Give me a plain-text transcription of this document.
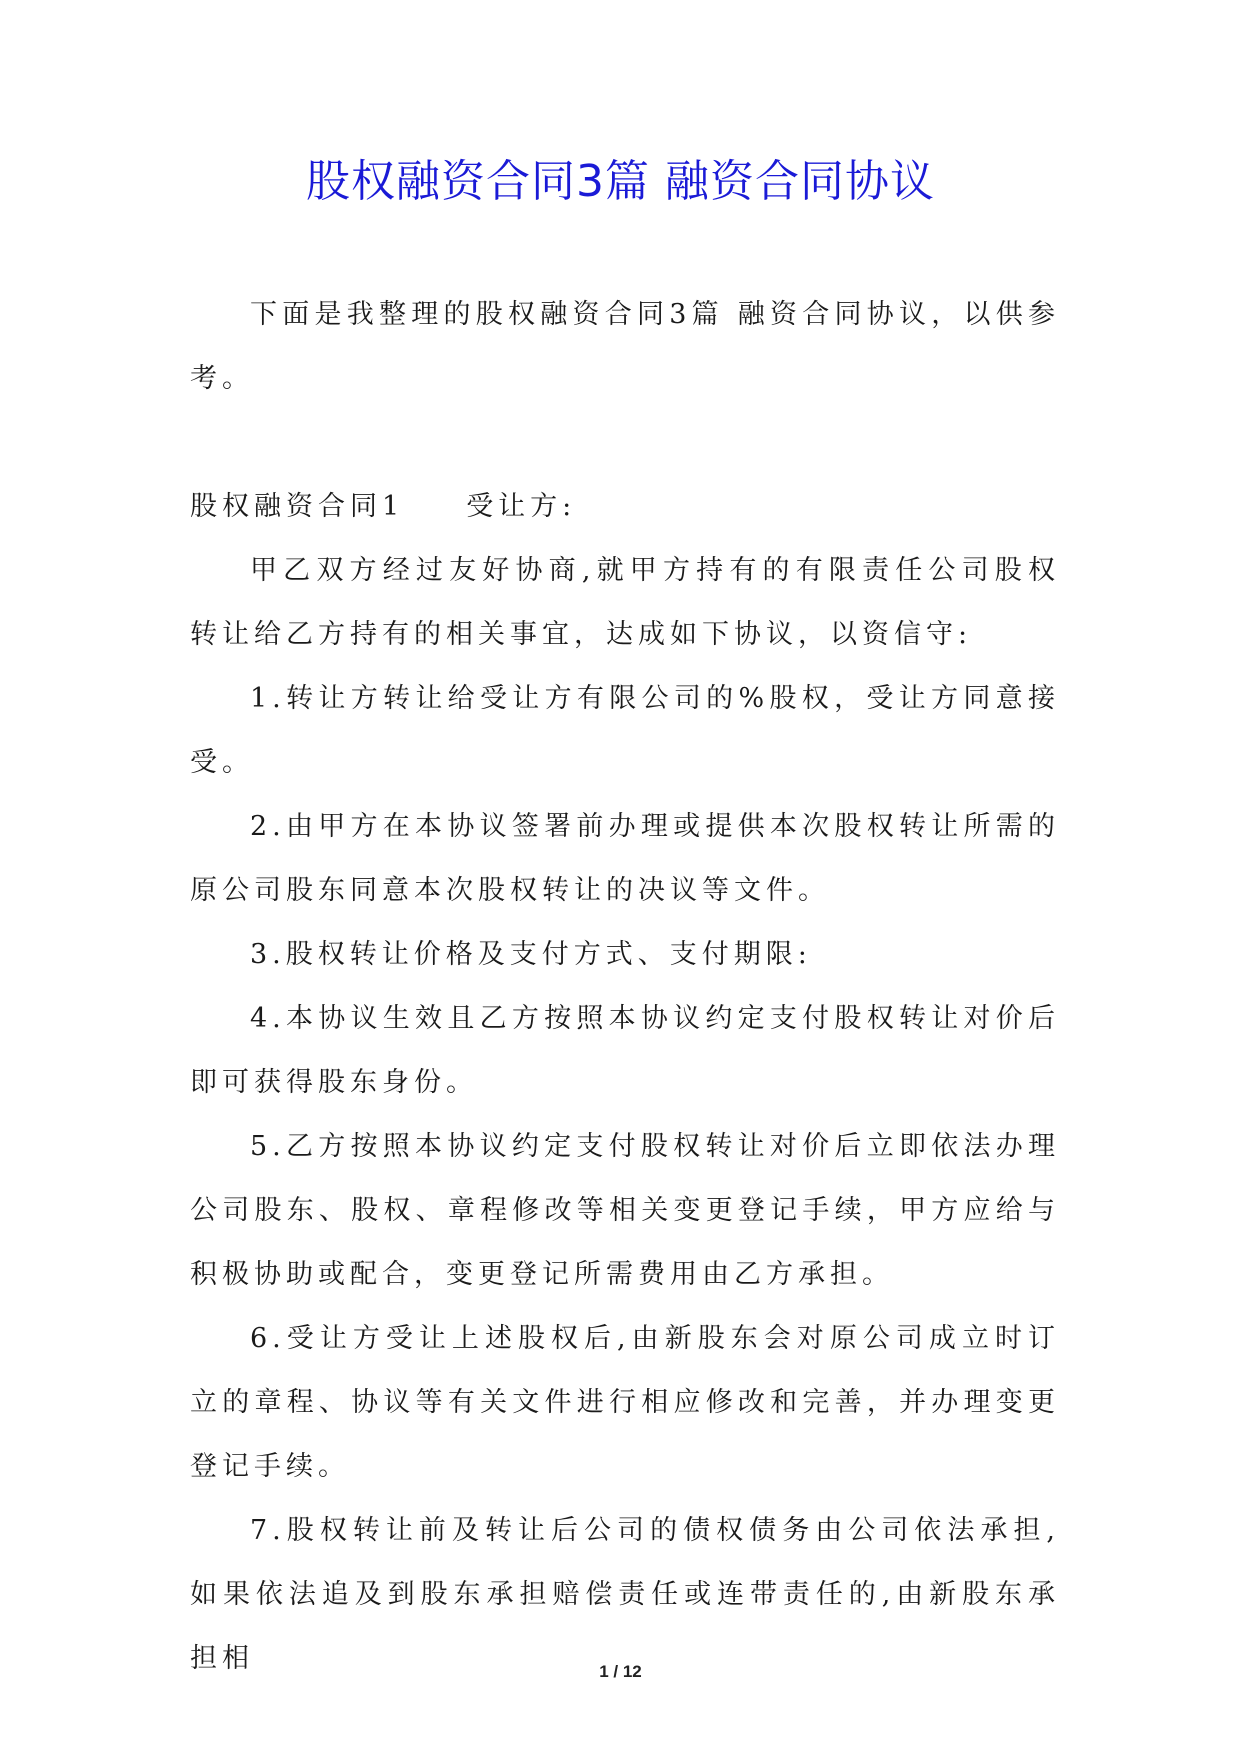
股权融资合同3篇 融资合同协议

下面是我整理的股权融资合同3篇 融资合同协议，以供参考。

股权融资合同1 受让方:

甲乙双方经过友好协商,就甲方持有的有限责任公司股权转让给乙方持有的相关事宜，达成如下协议，以资信守:

1.转让方转让给受让方有限公司的%股权，受让方同意接受。

2.由甲方在本协议签署前办理或提供本次股权转让所需的原公司股东同意本次股权转让的决议等文件。

3.股权转让价格及支付方式、支付期限:

4.本协议生效且乙方按照本协议约定支付股权转让对价后即可获得股东身份。

5.乙方按照本协议约定支付股权转让对价后立即依法办理公司股东、股权、章程修改等相关变更登记手续，甲方应给与积极协助或配合，变更登记所需费用由乙方承担。

6.受让方受让上述股权后,由新股东会对原公司成立时订立的章程、协议等有关文件进行相应修改和完善，并办理变更登记手续。

7.股权转让前及转让后公司的债权债务由公司依法承担,如果依法追及到股东承担赔偿责任或连带责任的,由新股东承担相	1 / 12
